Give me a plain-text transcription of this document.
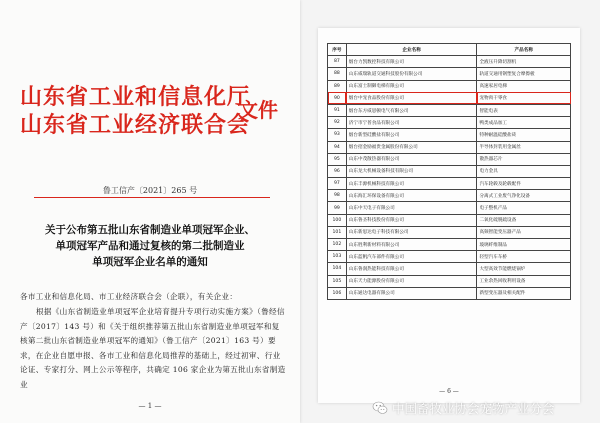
山东省工业和信息化厅
山东省工业经济联合会
文件
鲁工信产〔2021〕265 号
关于公布第五批山东省制造业单项冠军企业、
单项冠军产品和通过复核的第二批制造业
单项冠军企业名单的通知
各市工业和信息化局、市工业经济联合会（企联），有关企业：
根据《山东省制造业单项冠军企业培育提升专项行动实施方案》（鲁经信产〔2017〕143 号）和《关于组织推荐第五批山东省制造业单项冠军和复核第二批山东省制造业单项冠军的通知》（鲁工信产〔2021〕163 号）要求，在企业自愿申报、各市工业和信息化局推荐的基础上，经过初审、行业论证、专家打分、网上公示等程序，共确定 106 家企业为第五批山东省制造业
— 1 —
序号	企业名称	产品名称
87	烟台力凯数控科技有限公司	全液压升降切割机
88	山东威瑞轨道交通科技股份有限公司	轨道交通用钢塑复合摩擦板
89	山东富士制御电梯有限公司	高速家居电梯
90	烟台中宠食品股份有限公司	宠物肉干零食
91	烟台东方威思顿电气有限公司	智能电表
92	济宁市宁普食品有限公司	鸭类成品加工
93	烟台新型硅酸盐有限公司	特种耐温硅酸盐砖
94	烟台招金励福贵金属股份有限公司	半导体封装用金属丝
95	山东中茂散热器有限公司	散热器芯片
96	山东龙大机械设备科技有限公司	电力金具
97	山东丰源机械科技有限公司	汽车轮毂及轮毂配件
98	山东海汇环保设备有限公司	分离式工业废气净化设备
99	山东中天电子有限公司	电子整机产品
100	山东鲁圣科技股份有限公司	二氧化硫脱硫设备
101	山东新思达电子科技有限公司	高频智能变压器产品
102	山东胜利新材料有限公司	玻璃纤维制品
103	山东蓝帆汽车部件有限公司	轻型汽车车桥
104	山东鲁润热能科技有限公司	大型高效节能燃烧锅炉
105	山东天力能源股份有限公司	工业余热回收利用设备
106	山东通达电器有限公司	新型变压器及相关配件
— 6 —
中国畜牧业协会宠物产业分会
